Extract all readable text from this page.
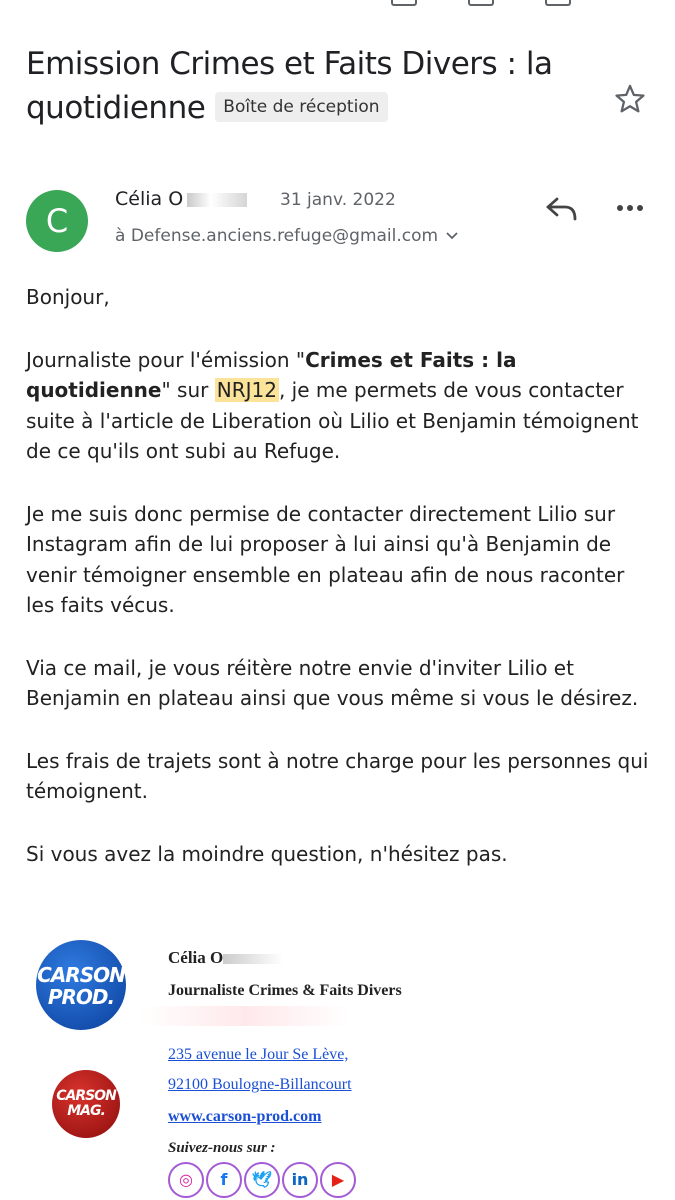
Emission Crimes et Faits Divers : la quotidienne Boîte de réception
C
Célia O	31 janv. 2022
à Defense.anciens.refuge@gmail.com

Bonjour,

Journaliste pour l'émission "Crimes et Faits : la quotidienne" sur NRJ12 , je me permets de vous contacter suite à l'article de Liberation où Lilio et Benjamin témoignent de ce qu'ils ont subi au Refuge.

Je me suis donc permise de contacter directement Lilio sur Instagram afin de lui proposer à lui ainsi qu'à Benjamin de venir témoigner ensemble en plateau afin de nous raconter les faits vécus.

Via ce mail, je vous réitère notre envie d'inviter Lilio et Benjamin en plateau ainsi que vous même si vous le désirez.

Les frais de trajets sont à notre charge pour les personnes qui témoignent.

Si vous avez la moindre question, n'hésitez pas.

CARSON
PROD.
CARSON
MAG.
Célia O
Journaliste Crimes & Faits Divers
235 avenue le Jour Se Lève,
92100 Boulogne-Billancourt
www.carson-prod.com
Suivez-nous sur :
◎ f 🕊 in ▶
